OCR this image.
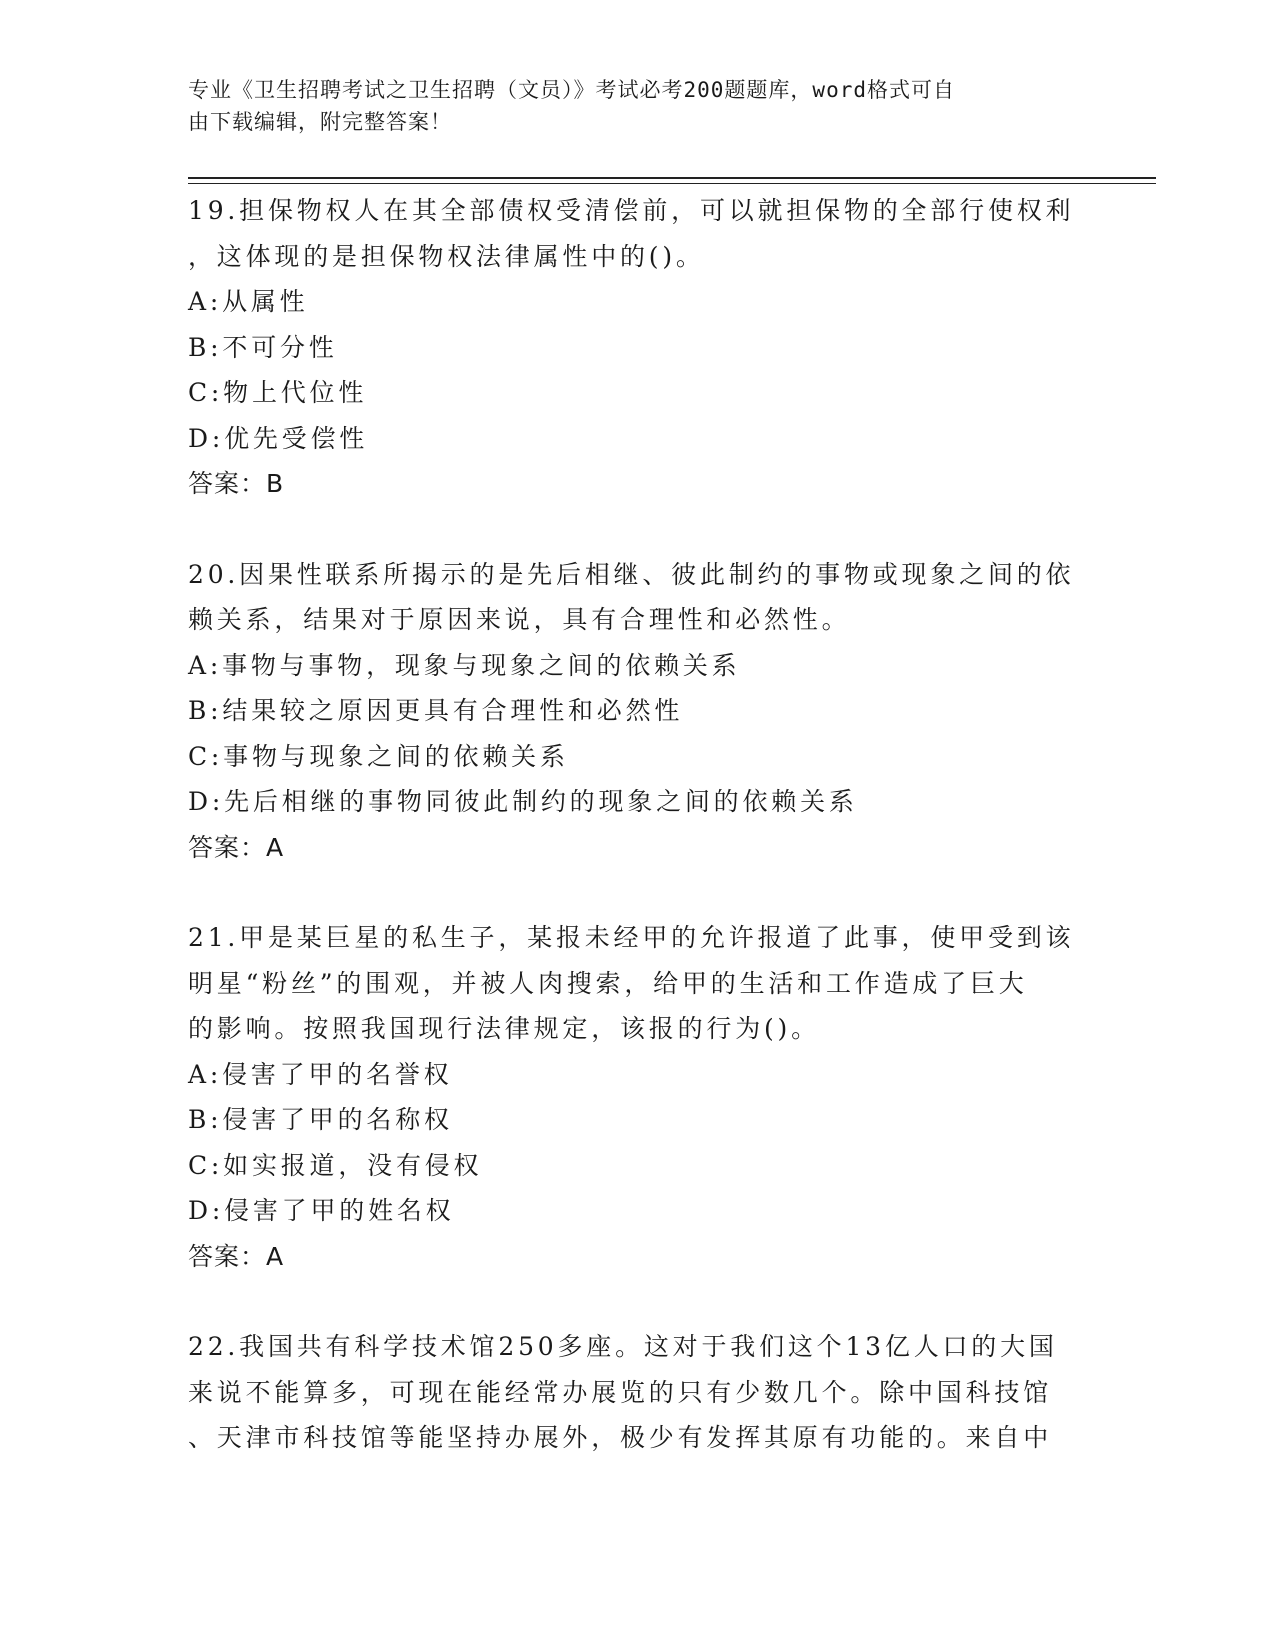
专业《卫生招聘考试之卫生招聘（文员）》考试必考200题题库，word格式可自
由下载编辑，附完整答案！

19.担保物权人在其全部债权受清偿前，可以就担保物的全部行使权利

，这体现的是担保物权法律属性中的()。

A:从属性

B:不可分性

C:物上代位性

D:优先受偿性

答案：B

20.因果性联系所揭示的是先后相继、彼此制约的事物或现象之间的依

赖关系，结果对于原因来说，具有合理性和必然性。

A:事物与事物，现象与现象之间的依赖关系

B:结果较之原因更具有合理性和必然性

C:事物与现象之间的依赖关系

D:先后相继的事物同彼此制约的现象之间的依赖关系

答案：A

21.甲是某巨星的私生子，某报未经甲的允许报道了此事，使甲受到该

明星“粉丝”的围观，并被人肉搜索，给甲的生活和工作造成了巨大

的影响。按照我国现行法律规定，该报的行为()。

A:侵害了甲的名誉权

B:侵害了甲的名称权

C:如实报道，没有侵权

D:侵害了甲的姓名权

答案：A

22.我国共有科学技术馆250多座。这对于我们这个13亿人口的大国

来说不能算多，可现在能经常办展览的只有少数几个。除中国科技馆

、天津市科技馆等能坚持办展外，极少有发挥其原有功能的。来自中
